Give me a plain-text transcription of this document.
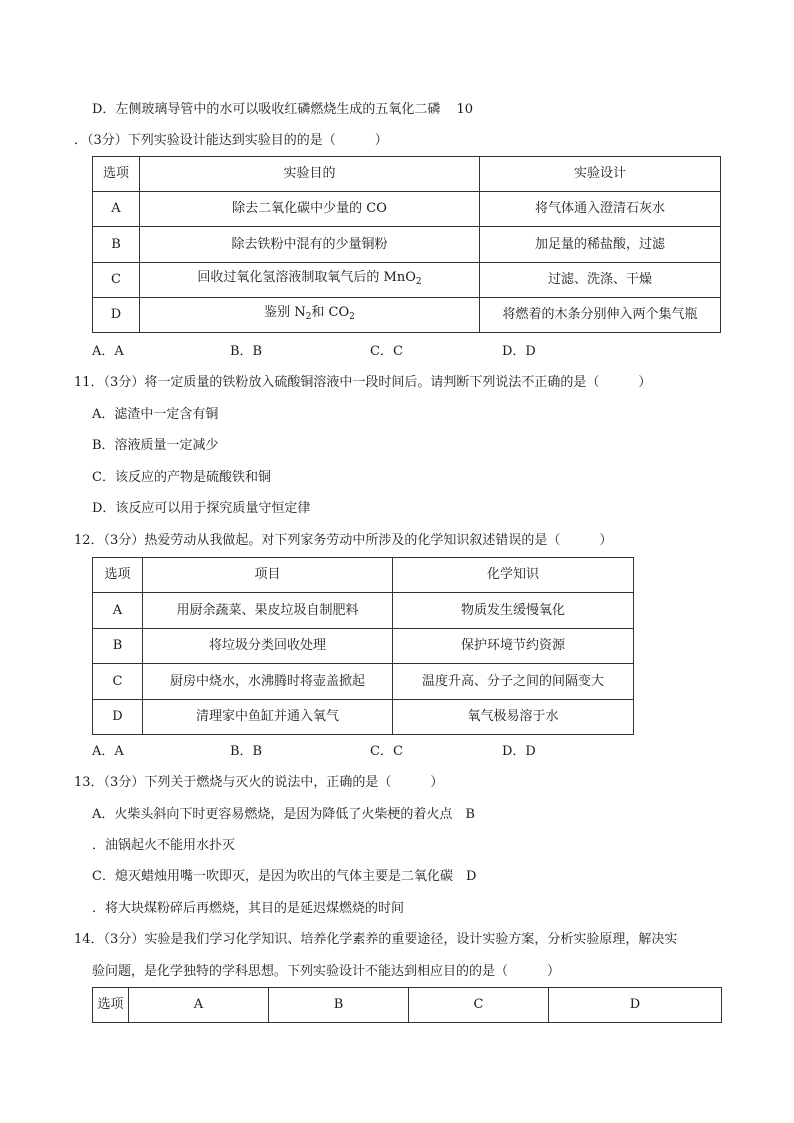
D．左侧玻璃导管中的水可以吸收红磷燃烧生成的五氧化二磷 10
．（3分）下列实验设计能达到实验目的的是（　　　）
选项	实验目的	实验设计
A	除去二氧化碳中少量的 CO	将气体通入澄清石灰水
B	除去铁粉中混有的少量铜粉	加足量的稀盐酸，过滤
C	回收过氧化氢溶液制取氧气后的 MnO$_2$	过滤、洗涤、干燥
D	鉴别 $N_2$和 $CO_2$	将燃着的木条分别伸入两个集气瓶
A．A	B．B	C．C	D．D
11．（3分）将一定质量的铁粉放入硫酸铜溶液中一段时间后。请判断下列说法不正确的是（　　　）
A．滤渣中一定含有铜
B．溶液质量一定减少
C．该反应的产物是硫酸铁和铜
D．该反应可以用于探究质量守恒定律
12．（3分）热爱劳动从我做起。对下列家务劳动中所涉及的化学知识叙述错误的是（　　　）
选项	项目	化学知识
A	用厨余蔬菜、果皮垃圾自制肥料	物质发生缓慢氧化
B	将垃圾分类回收处理	保护环境节约资源
C	厨房中烧水，水沸腾时将壶盖掀起	温度升高、分子之间的间隔变大
D	清理家中鱼缸并通入氧气	氧气极易溶于水
A．A	B．B	C．C	D．D
13．（3分）下列关于燃烧与灭火的说法中，正确的是（　　　）
A．火柴头斜向下时更容易燃烧，是因为降低了火柴梗的着火点　B
．油锅起火不能用水扑灭
C．熄灭蜡烛用嘴一吹即灭，是因为吹出的气体主要是二氧化碳　D
．将大块煤粉碎后再燃烧，其目的是延迟煤燃烧的时间
14．（3分）实验是我们学习化学知识、培养化学素养的重要途径，设计实验方案，分析实验原理，解决实
验问题，是化学独特的学科思想。下列实验设计不能达到相应目的的是（　　　）
选项	A	B	C	D
